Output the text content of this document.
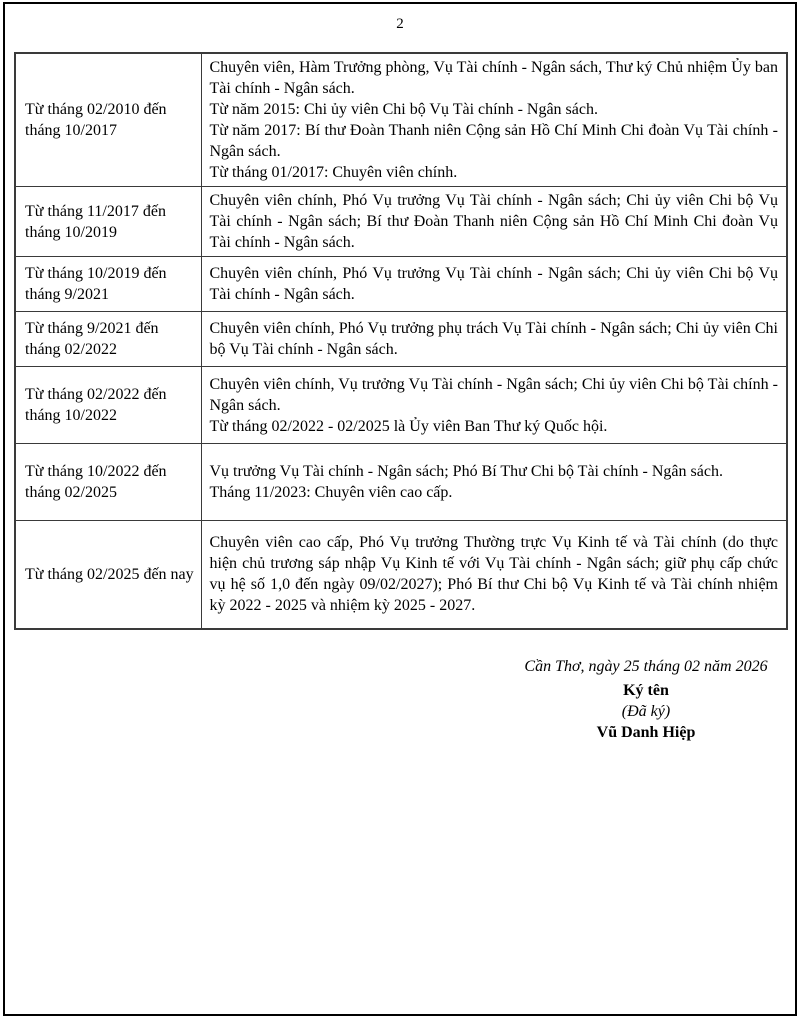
2
Từ tháng 02/2010 đến tháng 10/2017	Chuyên viên, Hàm Trưởng phòng, Vụ Tài chính - Ngân sách, Thư ký Chủ nhiệm Ủy ban Tài chính - Ngân sách.
Từ năm 2015: Chi ủy viên Chi bộ Vụ Tài chính - Ngân sách.
Từ năm 2017: Bí thư Đoàn Thanh niên Cộng sản Hồ Chí Minh Chi đoàn Vụ Tài chính - Ngân sách.
Từ tháng 01/2017: Chuyên viên chính.

Từ tháng 11/2017 đến tháng 10/2019	Chuyên viên chính, Phó Vụ trưởng Vụ Tài chính - Ngân sách; Chi ủy viên Chi bộ Vụ Tài chính - Ngân sách; Bí thư Đoàn Thanh niên Cộng sản Hồ Chí Minh Chi đoàn Vụ Tài chính - Ngân sách.

Từ tháng 10/2019 đến tháng 9/2021	Chuyên viên chính, Phó Vụ trưởng Vụ Tài chính - Ngân sách; Chi ủy viên Chi bộ Vụ Tài chính - Ngân sách.

Từ tháng 9/2021 đến tháng 02/2022	Chuyên viên chính, Phó Vụ trưởng phụ trách Vụ Tài chính - Ngân sách; Chi ủy viên Chi bộ Vụ Tài chính - Ngân sách.

Từ tháng 02/2022 đến tháng 10/2022	Chuyên viên chính, Vụ trưởng Vụ Tài chính - Ngân sách; Chi ủy viên Chi bộ Tài chính - Ngân sách.
Từ tháng 02/2022 - 02/2025 là Ủy viên Ban Thư ký Quốc hội.

Từ tháng 10/2022 đến tháng 02/2025	Vụ trưởng Vụ Tài chính - Ngân sách; Phó Bí Thư Chi bộ Tài chính - Ngân sách.
Tháng 11/2023: Chuyên viên cao cấp.

Từ tháng 02/2025 đến nay	Chuyên viên cao cấp, Phó Vụ trưởng Thường trực Vụ Kinh tế và Tài chính (do thực hiện chủ trương sáp nhập Vụ Kinh tế với Vụ Tài chính - Ngân sách; giữ phụ cấp chức vụ hệ số 1,0 đến ngày 09/02/2027); Phó Bí thư Chi bộ Vụ Kinh tế và Tài chính nhiệm kỳ 2022 - 2025 và nhiệm kỳ 2025 - 2027.
Cần Thơ, ngày 25 tháng 02 năm 2026
Ký tên
(Đã ký)
Vũ Danh Hiệp
